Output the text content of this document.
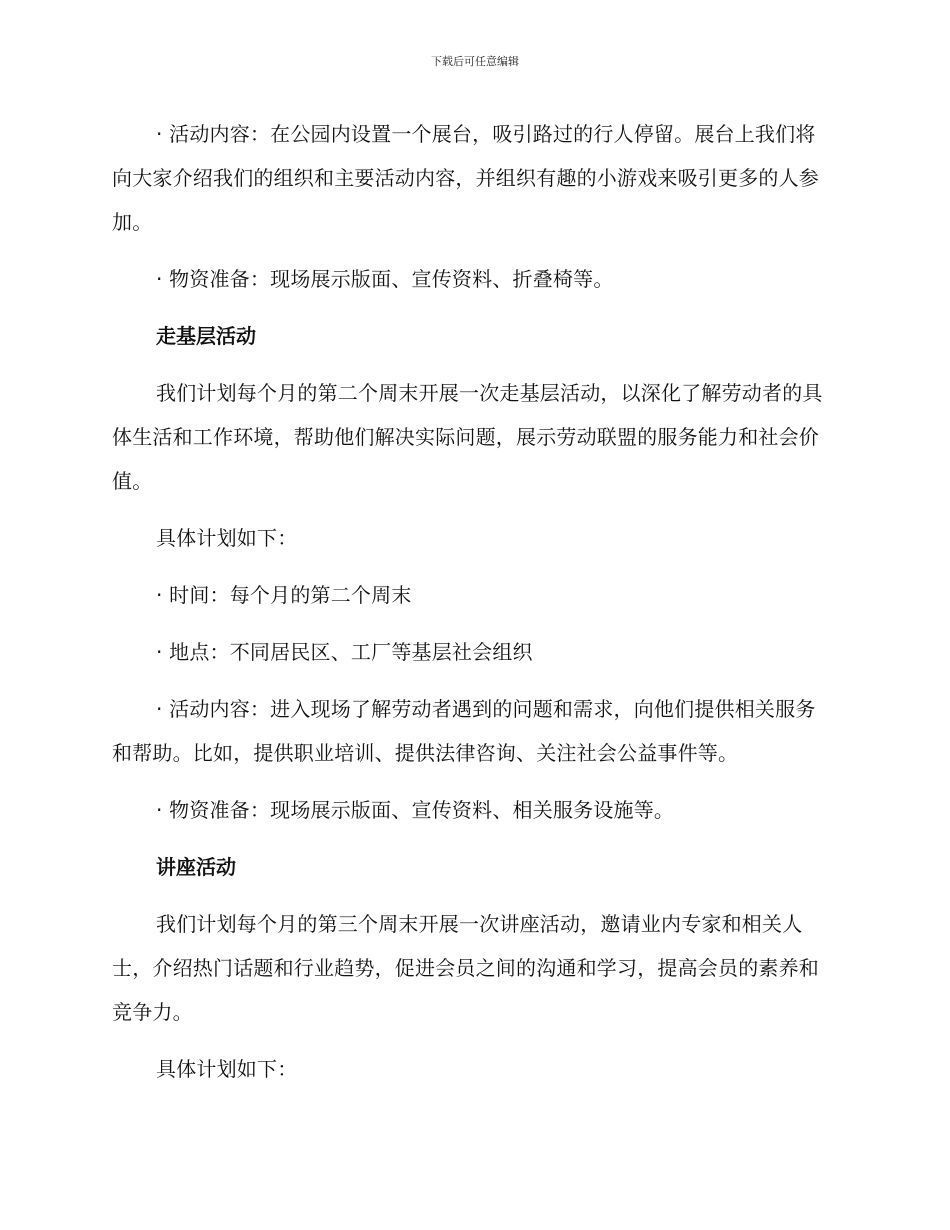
下载后可任意编辑

· 活动内容：在公园内设置一个展台，吸引路过的行人停留。展台上我们将向大家介绍我们的组织和主要活动内容，并组织有趣的小游戏来吸引更多的人参加。

· 物资准备：现场展示版面、宣传资料、折叠椅等。

走基层活动

我们计划每个月的第二个周末开展一次走基层活动，以深化了解劳动者的具体生活和工作环境，帮助他们解决实际问题，展示劳动联盟的服务能力和社会价值。

具体计划如下：

· 时间：每个月的第二个周末

· 地点：不同居民区、工厂等基层社会组织

· 活动内容：进入现场了解劳动者遇到的问题和需求，向他们提供相关服务和帮助。比如，提供职业培训、提供法律咨询、关注社会公益事件等。

· 物资准备：现场展示版面、宣传资料、相关服务设施等。

讲座活动

我们计划每个月的第三个周末开展一次讲座活动，邀请业内专家和相关人士，介绍热门话题和行业趋势，促进会员之间的沟通和学习，提高会员的素养和竞争力。

具体计划如下：
